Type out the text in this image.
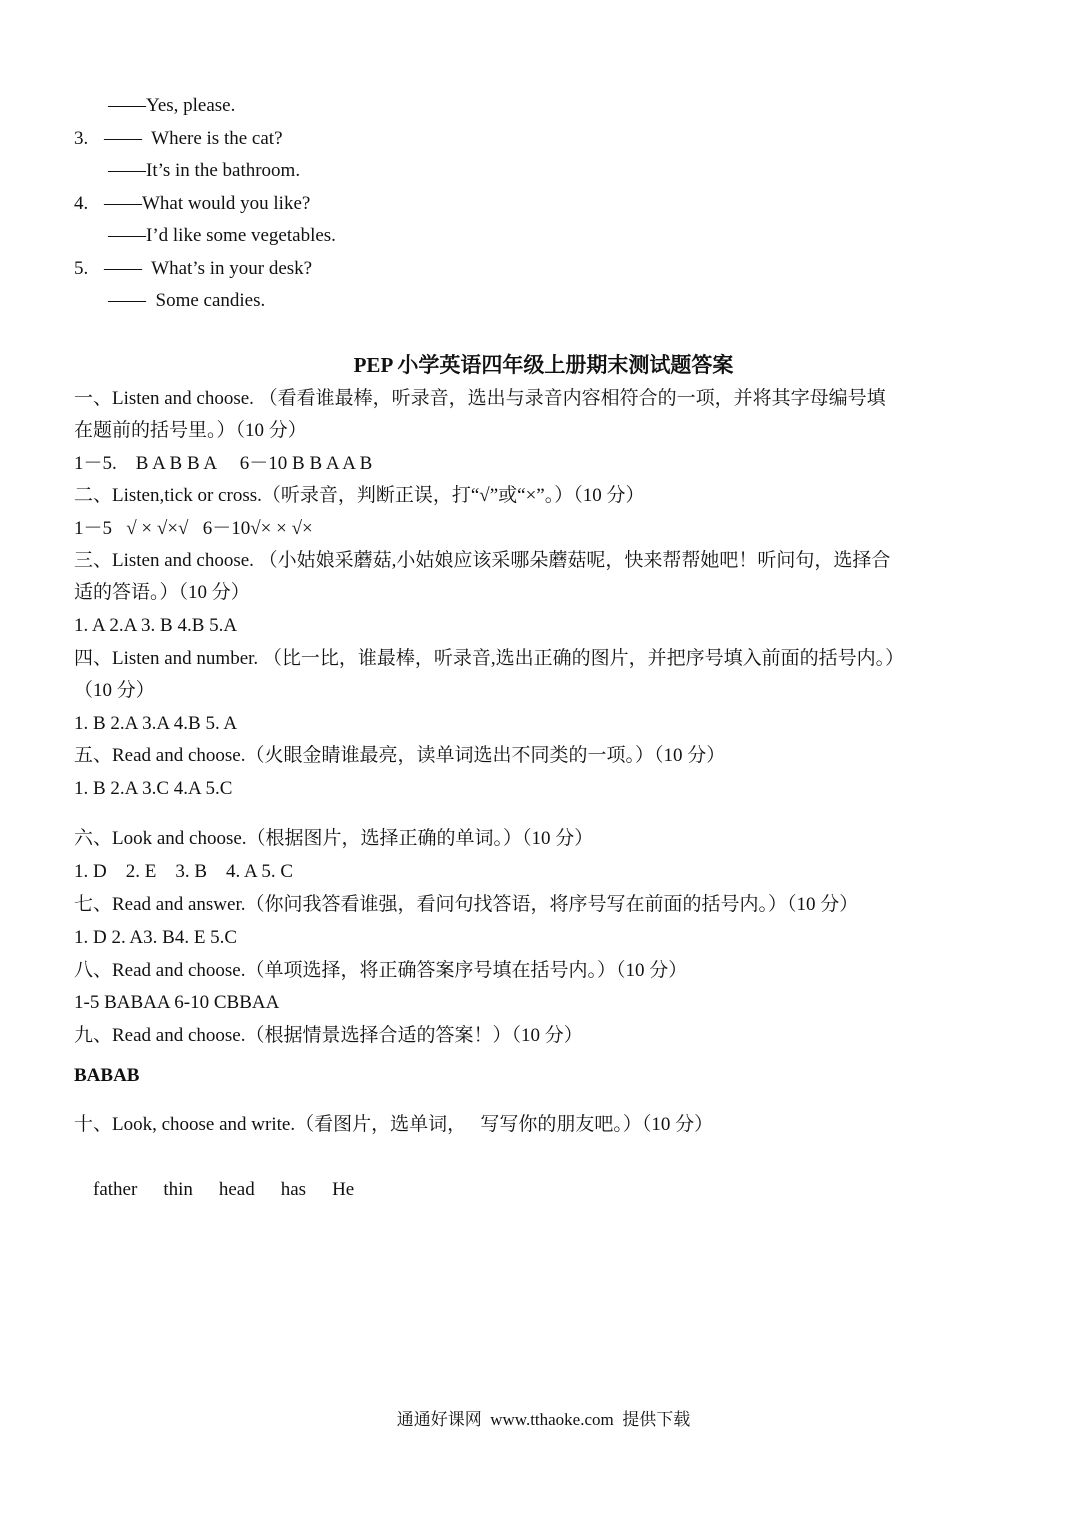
——Yes, please.
3. ——  Where is the cat?
——It’s in the bathroom.
4. ——What would you like?
——I’d like some vegetables.
5. ——  What’s in your desk?
——  Some candies.
PEP 小学英语四年级上册期末测试题答案
一、Listen and choose. （看看谁最棒，听录音，选出与录音内容相符合的一项，并将其字母编号填
在题前的括号里。）（10 分）
1－5.    B A B B A     6－10 B B A A B
二、Listen,tick or cross.（听录音，判断正误，打“√”或“×”。）（10 分）
1－5   √ × √×√   6－10√× × √×
三、Listen and choose. （小姑娘采蘑菇,小姑娘应该采哪朵蘑菇呢，快来帮帮她吧！听问句，选择合
适的答语。）（10 分）
1. A 2.A 3. B 4.B 5.A
四、Listen and number. （比一比，谁最棒，听录音,选出正确的图片，并把序号填入前面的括号内。）
（10 分）
1. B 2.A 3.A 4.B 5. A
五、Read and choose.（火眼金睛谁最亮，读单词选出不同类的一项。）（10 分）
1. B 2.A 3.C 4.A 5.C
六、Look and choose.（根据图片，选择正确的单词。）（10 分）
1. D    2. E    3. B    4. A 5. C
七、Read and answer.（你问我答看谁强，看问句找答语，将序号写在前面的括号内。）（10 分）
1. D 2. A3. B4. E 5.C
八、Read and choose.（单项选择，将正确答案序号填在括号内。）（10 分）
1-5 BABAA 6-10 CBBAA
九、Read and choose.（根据情景选择合适的答案！）（10 分）
BABAB
十、Look, choose and write.（看图片，选单词，   写写你的朋友吧。）（10 分）

father thin head has He

通通好课网  www.tthaoke.com  提供下载
